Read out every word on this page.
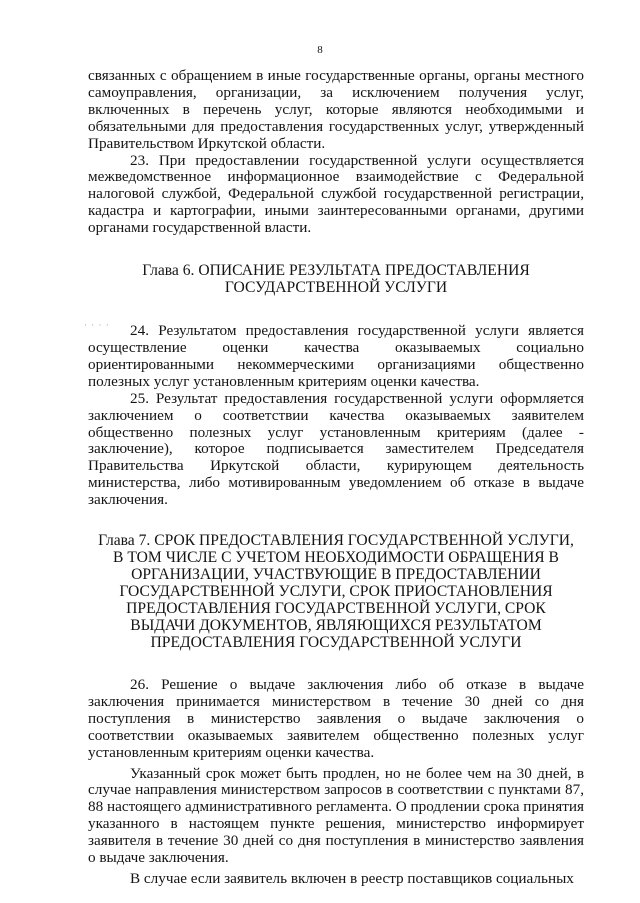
8
· · · ·

связанных с обращением в иные государственные органы, органы местного самоуправления, организации, за исключением получения услуг, включенных в перечень услуг, которые являются необходимыми и обязательными для предоставления государственных услуг, утвержденный Правительством Иркутской области.

23. При предоставлении государственной услуги осуществляется межведомственное информационное взаимодействие с Федеральной налоговой службой, Федеральной службой государственной регистрации, кадастра и картографии, иными заинтересованными органами, другими органами государственной власти.

Глава 6. ОПИСАНИЕ РЕЗУЛЬТАТА ПРЕДОСТАВЛЕНИЯ
ГОСУДАРСТВЕННОЙ УСЛУГИ

24. Результатом предоставления государственной услуги является осуществление оценки качества оказываемых социально ориентированными некоммерческими организациями общественно полезных услуг установленным критериям оценки качества.

25. Результат предоставления государственной услуги оформляется заключением о соответствии качества оказываемых заявителем общественно полезных услуг установленным критериям (далее - заключение), которое подписывается заместителем Председателя Правительства Иркутской области, курирующем деятельность министерства, либо мотивированным уведомлением об отказе в выдаче заключения.

Глава 7. СРОК ПРЕДОСТАВЛЕНИЯ ГОСУДАРСТВЕННОЙ УСЛУГИ,
В ТОМ ЧИСЛЕ С УЧЕТОМ НЕОБХОДИМОСТИ ОБРАЩЕНИЯ В
ОРГАНИЗАЦИИ, УЧАСТВУЮЩИЕ В ПРЕДОСТАВЛЕНИИ
ГОСУДАРСТВЕННОЙ УСЛУГИ, СРОК ПРИОСТАНОВЛЕНИЯ
ПРЕДОСТАВЛЕНИЯ ГОСУДАРСТВЕННОЙ УСЛУГИ, СРОК
ВЫДАЧИ ДОКУМЕНТОВ, ЯВЛЯЮЩИХСЯ РЕЗУЛЬТАТОМ
ПРЕДОСТАВЛЕНИЯ ГОСУДАРСТВЕННОЙ УСЛУГИ

26. Решение о выдаче заключения либо об отказе в выдаче заключения принимается министерством в течение 30 дней со дня поступления в министерство заявления о выдаче заключения о соответствии оказываемых заявителем общественно полезных услуг установленным критериям оценки качества.

Указанный срок может быть продлен, но не более чем на 30 дней, в случае направления министерством запросов в соответствии с пунктами 87, 88 настоящего административного регламента. О продлении срока принятия указанного в настоящем пункте решения, министерство информирует заявителя в течение 30 дней со дня поступления в министерство заявления о выдаче заключения.

В случае если заявитель включен в реестр поставщиков социальных
